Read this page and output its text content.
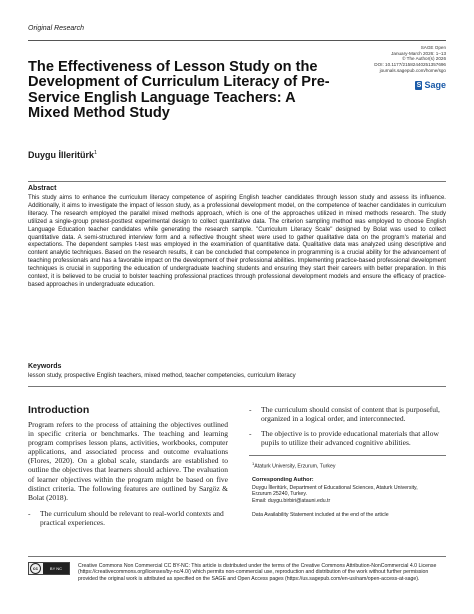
Original Research
SAGE Open
January-March 2026: 1–13
© The Author(s) 2026
DOI: 10.1177/21582440251357696
journals.sagepub.com/home/sgo
S Sage
The Effectiveness of Lesson Study on the Development of Curriculum Literacy of Pre-Service English Language Teachers: A Mixed Method Study
Duygu İlleritürk$^1$
Abstract
This study aims to enhance the curriculum literacy competence of aspiring English teacher candidates through lesson study and assess its influence. Additionally, it aims to investigate the impact of lesson study, as a professional development model, on the competence of teacher candidates in curriculum literacy. The research employed the parallel mixed methods approach, which is one of the approaches utilized in mixed methods research. The study utilized a single-group pretest-posttest experimental design to collect quantitative data. The criterion sampling method was employed to choose English Language Education teacher candidates while generating the research sample. "Curriculum Literacy Scale" designed by Bolat was used to collect quantitative data. A semi-structured interview form and a reflective thought sheet were used to gather qualitative data on the program's material and expectations. The dependent samples t-test was employed in the examination of quantitative data. Qualitative data was analyzed using descriptive and content analytic techniques. Based on the research results, it can be concluded that competence in programming is a crucial ability for the advancement of teaching professionals and has a favorable impact on the development of their professional abilities. Implementing practice-based professional development techniques is crucial in supporting the education of undergraduate teaching students and ensuring they start their careers with better preparation. In this context, it is believed to be crucial to bolster teaching professional practices through professional development models and ensure the efficacy of practice-based approaches in undergraduate education.
Keywords
lesson study, prospective English teachers, mixed method, teacher competencies, curriculum literacy
Introduction

Program refers to the process of attaining the objectives outlined in specific criteria or benchmarks. The teaching and learning program comprises lesson plans, activities, workbooks, computer applications, and associated process and outcome evaluations (Flores, 2020). On a global scale, standards are established to outline the objectives that learners should achieve. The evaluation of learner objectives within the program might be based on five distinct criteria. The following features are outlined by Sargöz & Bolat (2018).

-	The curriculum should be relevant to real-world contexts and practical experiences.
-	The curriculum should consist of content that is purposeful, organized in a logical order, and interconnected.
-	The objective is to provide educational materials that allow pupils to utilize their advanced cognitive abilities.
$^1$Ataturk University, Erzurum, Turkey
Corresponding Author:
Duygu İlleritürk, Department of Educational Sciences, Ataturk University,
Erzurum 25240, Turkey.
Email: duygu.birbiri@atauni.edu.tr
Data Availability Statement included at the end of the article
cc	BY NC	Creative Commons Non Commercial CC BY-NC: This article is distributed under the terms of the Creative Commons Attribution-NonCommercial 4.0 License (https://creativecommons.org/licenses/by-nc/4.0/) which permits non-commercial use, reproduction and distribution of the work without further permission provided the original work is attributed as specified on the SAGE and Open Access pages (https://us.sagepub.com/en-us/nam/open-access-at-sage).
